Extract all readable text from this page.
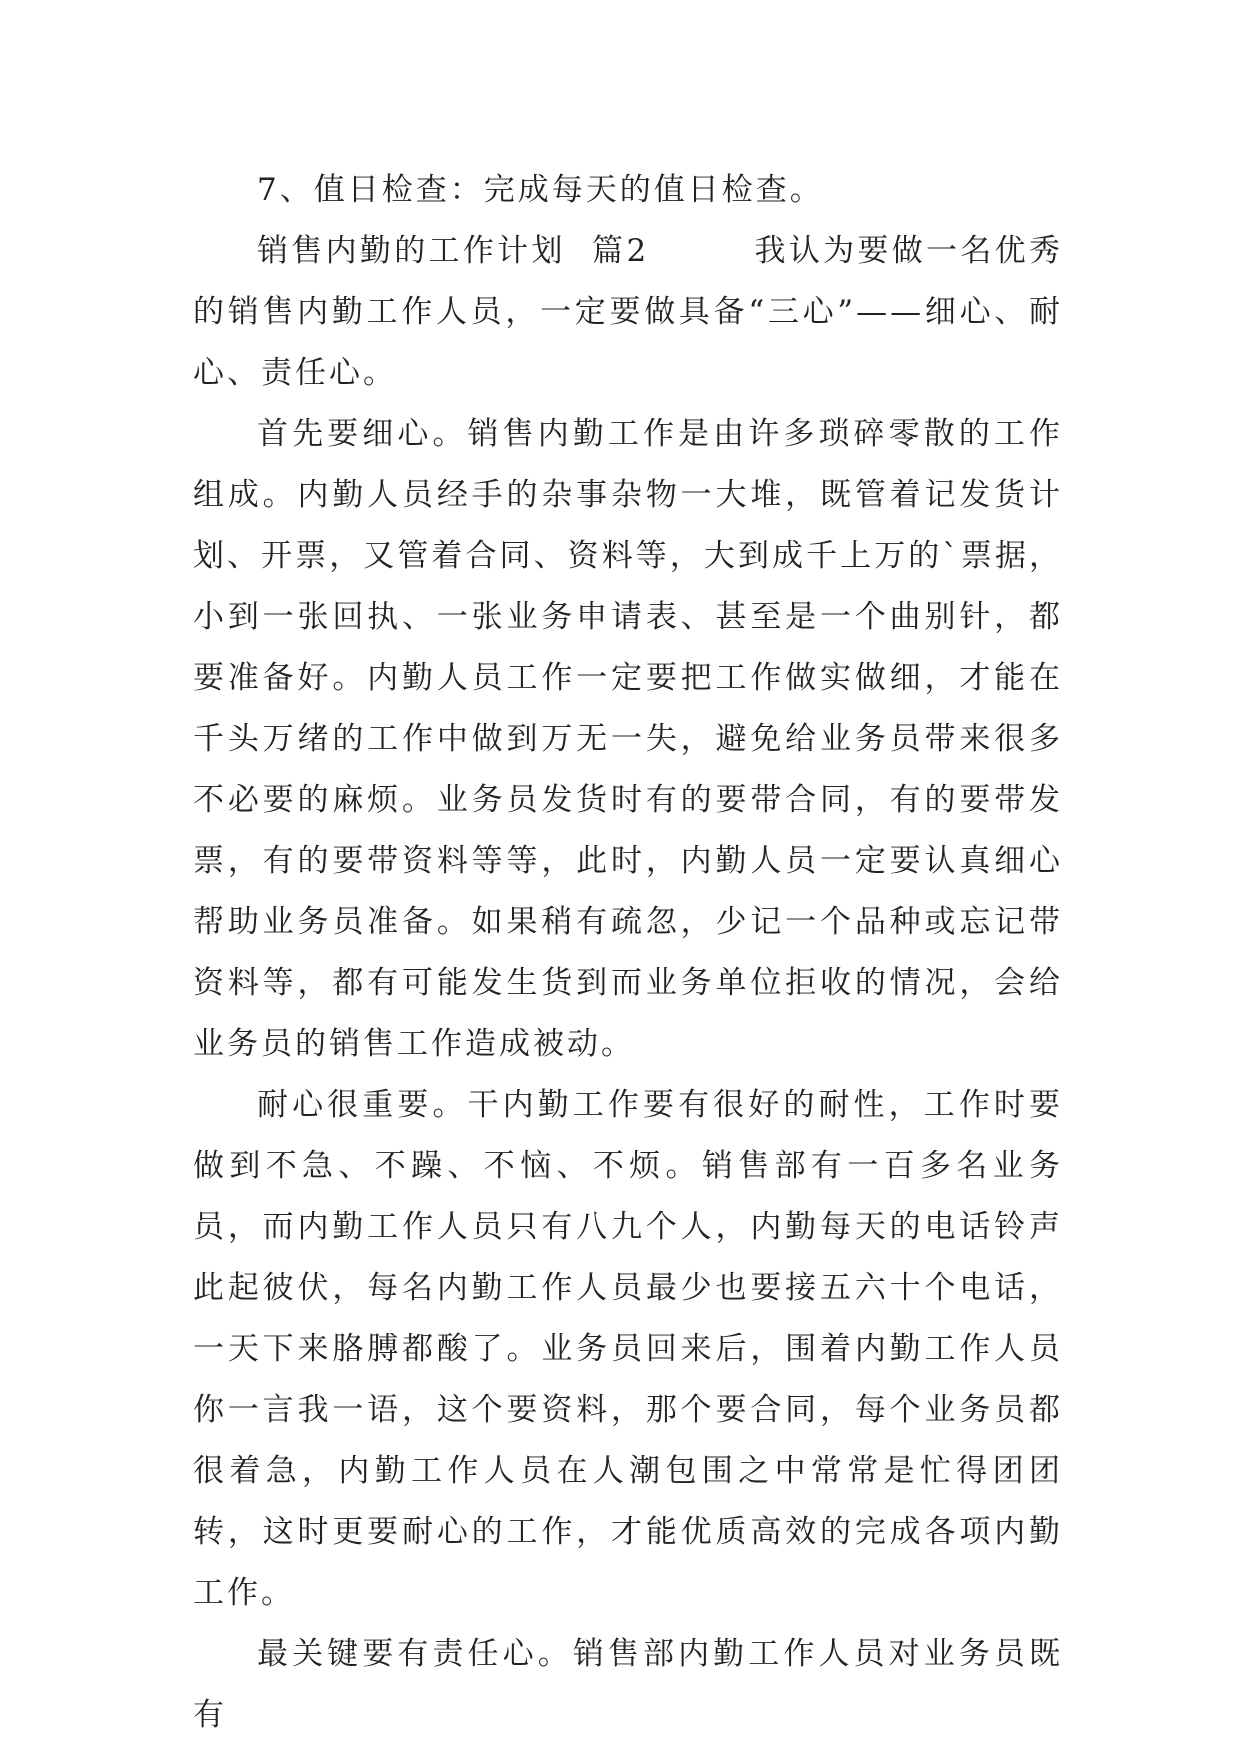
7、值日检查：完成每天的值日检查。

销售内勤的工作计划  篇2        我认为要做一名优秀的销售内勤工作人员，一定要做具备“三心”——细心、耐心、责任心。

首先要细心。销售内勤工作是由许多琐碎零散的工作组成。内勤人员经手的杂事杂物一大堆，既管着记发货计划、开票，又管着合同、资料等，大到成千上万的`票据，小到一张回执、一张业务申请表、甚至是一个曲别针，都要准备好。内勤人员工作一定要把工作做实做细，才能在千头万绪的工作中做到万无一失，避免给业务员带来很多不必要的麻烦。业务员发货时有的要带合同，有的要带发票，有的要带资料等等，此时，内勤人员一定要认真细心帮助业务员准备。如果稍有疏忽，少记一个品种或忘记带资料等，都有可能发生货到而业务单位拒收的情况，会给业务员的销售工作造成被动。

耐心很重要。干内勤工作要有很好的耐性，工作时要做到不急、不躁、不恼、不烦。销售部有一百多名业务员，而内勤工作人员只有八九个人，内勤每天的电话铃声此起彼伏，每名内勤工作人员最少也要接五六十个电话，一天下来胳膊都酸了。业务员回来后，围着内勤工作人员你一言我一语，这个要资料，那个要合同，每个业务员都很着急，内勤工作人员在人潮包围之中常常是忙得团团转，这时更要耐心的工作，才能优质高效的完成各项内勤工作。

最关键要有责任心。销售部内勤工作人员对业务员既有
